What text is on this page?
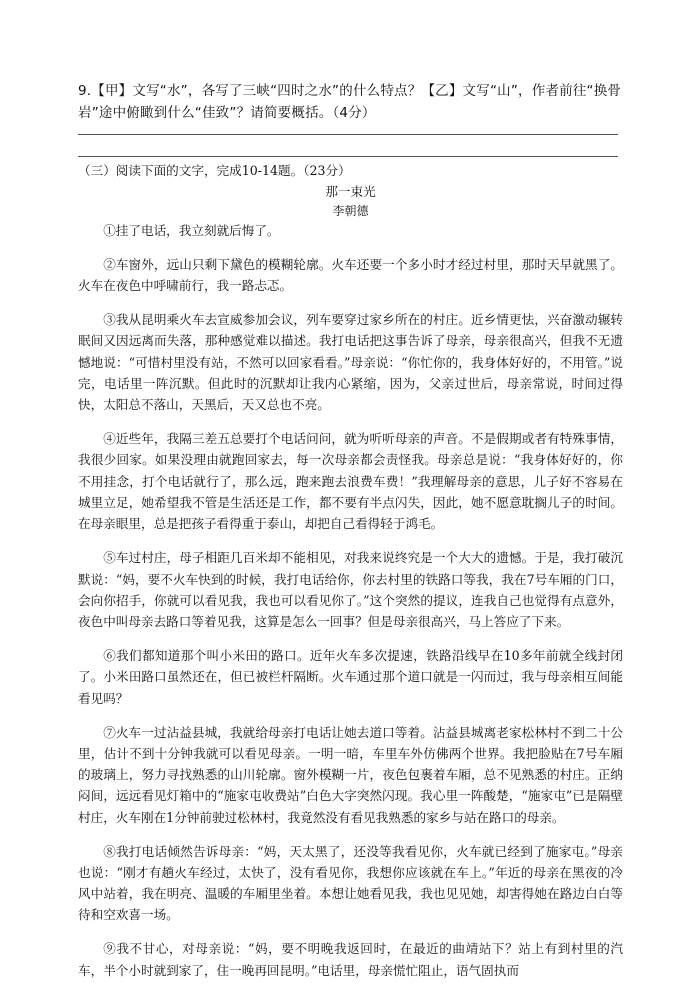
9.【甲】文写“水”，各写了三峡“四时之水”的什么特点？【乙】文写“山”，作者前往“换骨岩”途中俯瞰到什么“佳致”？请简要概括。（4分）
（三）阅读下面的文字，完成10-14题。（23分）
那一束光
李朝德

①挂了电话，我立刻就后悔了。

②车窗外，远山只剩下黛色的模糊轮廓。火车还要一个多小时才经过村里，那时天早就黑了。火车在夜色中呼啸前行，我一路忐忑。

③我从昆明乘火车去宣威参加会议，列车要穿过家乡所在的村庄。近乡情更怯，兴奋激动辗转眠间又因远离而失落，那种感觉难以描述。我打电话把这事告诉了母亲，母亲很高兴，但我不无遗憾地说：“可惜村里没有站，不然可以回家看看。”母亲说：“你忙你的，我身体好好的，不用管。”说完，电话里一阵沉默。但此时的沉默却让我内心紧缩，因为，父亲过世后，母亲常说，时间过得快，太阳总不落山，天黑后，天又总也不亮。

④近些年，我隔三差五总要打个电话问问，就为听听母亲的声音。不是假期或者有特殊事情，我很少回家。如果没理由就跑回家去，每一次母亲都会责怪我。母亲总是说：“我身体好好的，你不用挂念，打个电话就行了，那么远，跑来跑去浪费车费！”我理解母亲的意思，儿子好不容易在城里立足，她希望我不管是生活还是工作，都不要有半点闪失，因此，她不愿意耽搁儿子的时间。在母亲眼里，总是把孩子看得重于泰山，却把自己看得轻于鸿毛。

⑤车过村庄，母子相距几百米却不能相见，对我来说终究是一个大大的遗憾。于是，我打破沉默说：“妈，要不火车快到的时候，我打电话给你，你去村里的铁路口等我，我在7号车厢的门口，会向你招手，你就可以看见我，我也可以看见你了。”这个突然的提议，连我自己也觉得有点意外，夜色中叫母亲去路口等着见我，这算是怎么一回事？但是母亲很高兴，马上答应了下来。

⑥我们都知道那个叫小米田的路口。近年火车多次提速，铁路沿线早在10多年前就全线封闭了。小米田路口虽然还在，但已被栏杆隔断。火车通过那个道口就是一闪而过，我与母亲相互间能看见吗？

⑦火车一过沾益县城，我就给母亲打电话让她去道口等着。沾益县城离老家松林村不到二十公里，估计不到十分钟我就可以看见母亲。一明一暗，车里车外仿佛两个世界。我把脸贴在7号车厢的玻璃上，努力寻找熟悉的山川轮廓。窗外模糊一片，夜色包裹着车厢，总不见熟悉的村庄。正纳闷间，远远看见灯箱中的“施家屯收费站”白色大字突然闪现。我心里一阵酸楚，“施家屯”已是隔壁村庄，火车刚在1分钟前驶过松林村，我竟然没有看见我熟悉的家乡与站在路口的母亲。

⑧我打电话倾然告诉母亲：“妈，天太黑了，还没等我看见你，火车就已经到了施家屯。”母亲也说：“刚才有趟火车经过，太快了，没有看见你，我想你应该就在车上。”年近的母亲在黑夜的冷风中站着，我在明亮、温暖的车厢里坐着。本想让她看见我，我也见见她，却害得她在路边白白等待和空欢喜一场。

⑨我不甘心，对母亲说：“妈，要不明晚我返回时，在最近的曲靖站下？站上有到村里的汽车，半个小时就到家了，住一晚再回昆明。”电话里，母亲慌忙阻止，语气固执而
